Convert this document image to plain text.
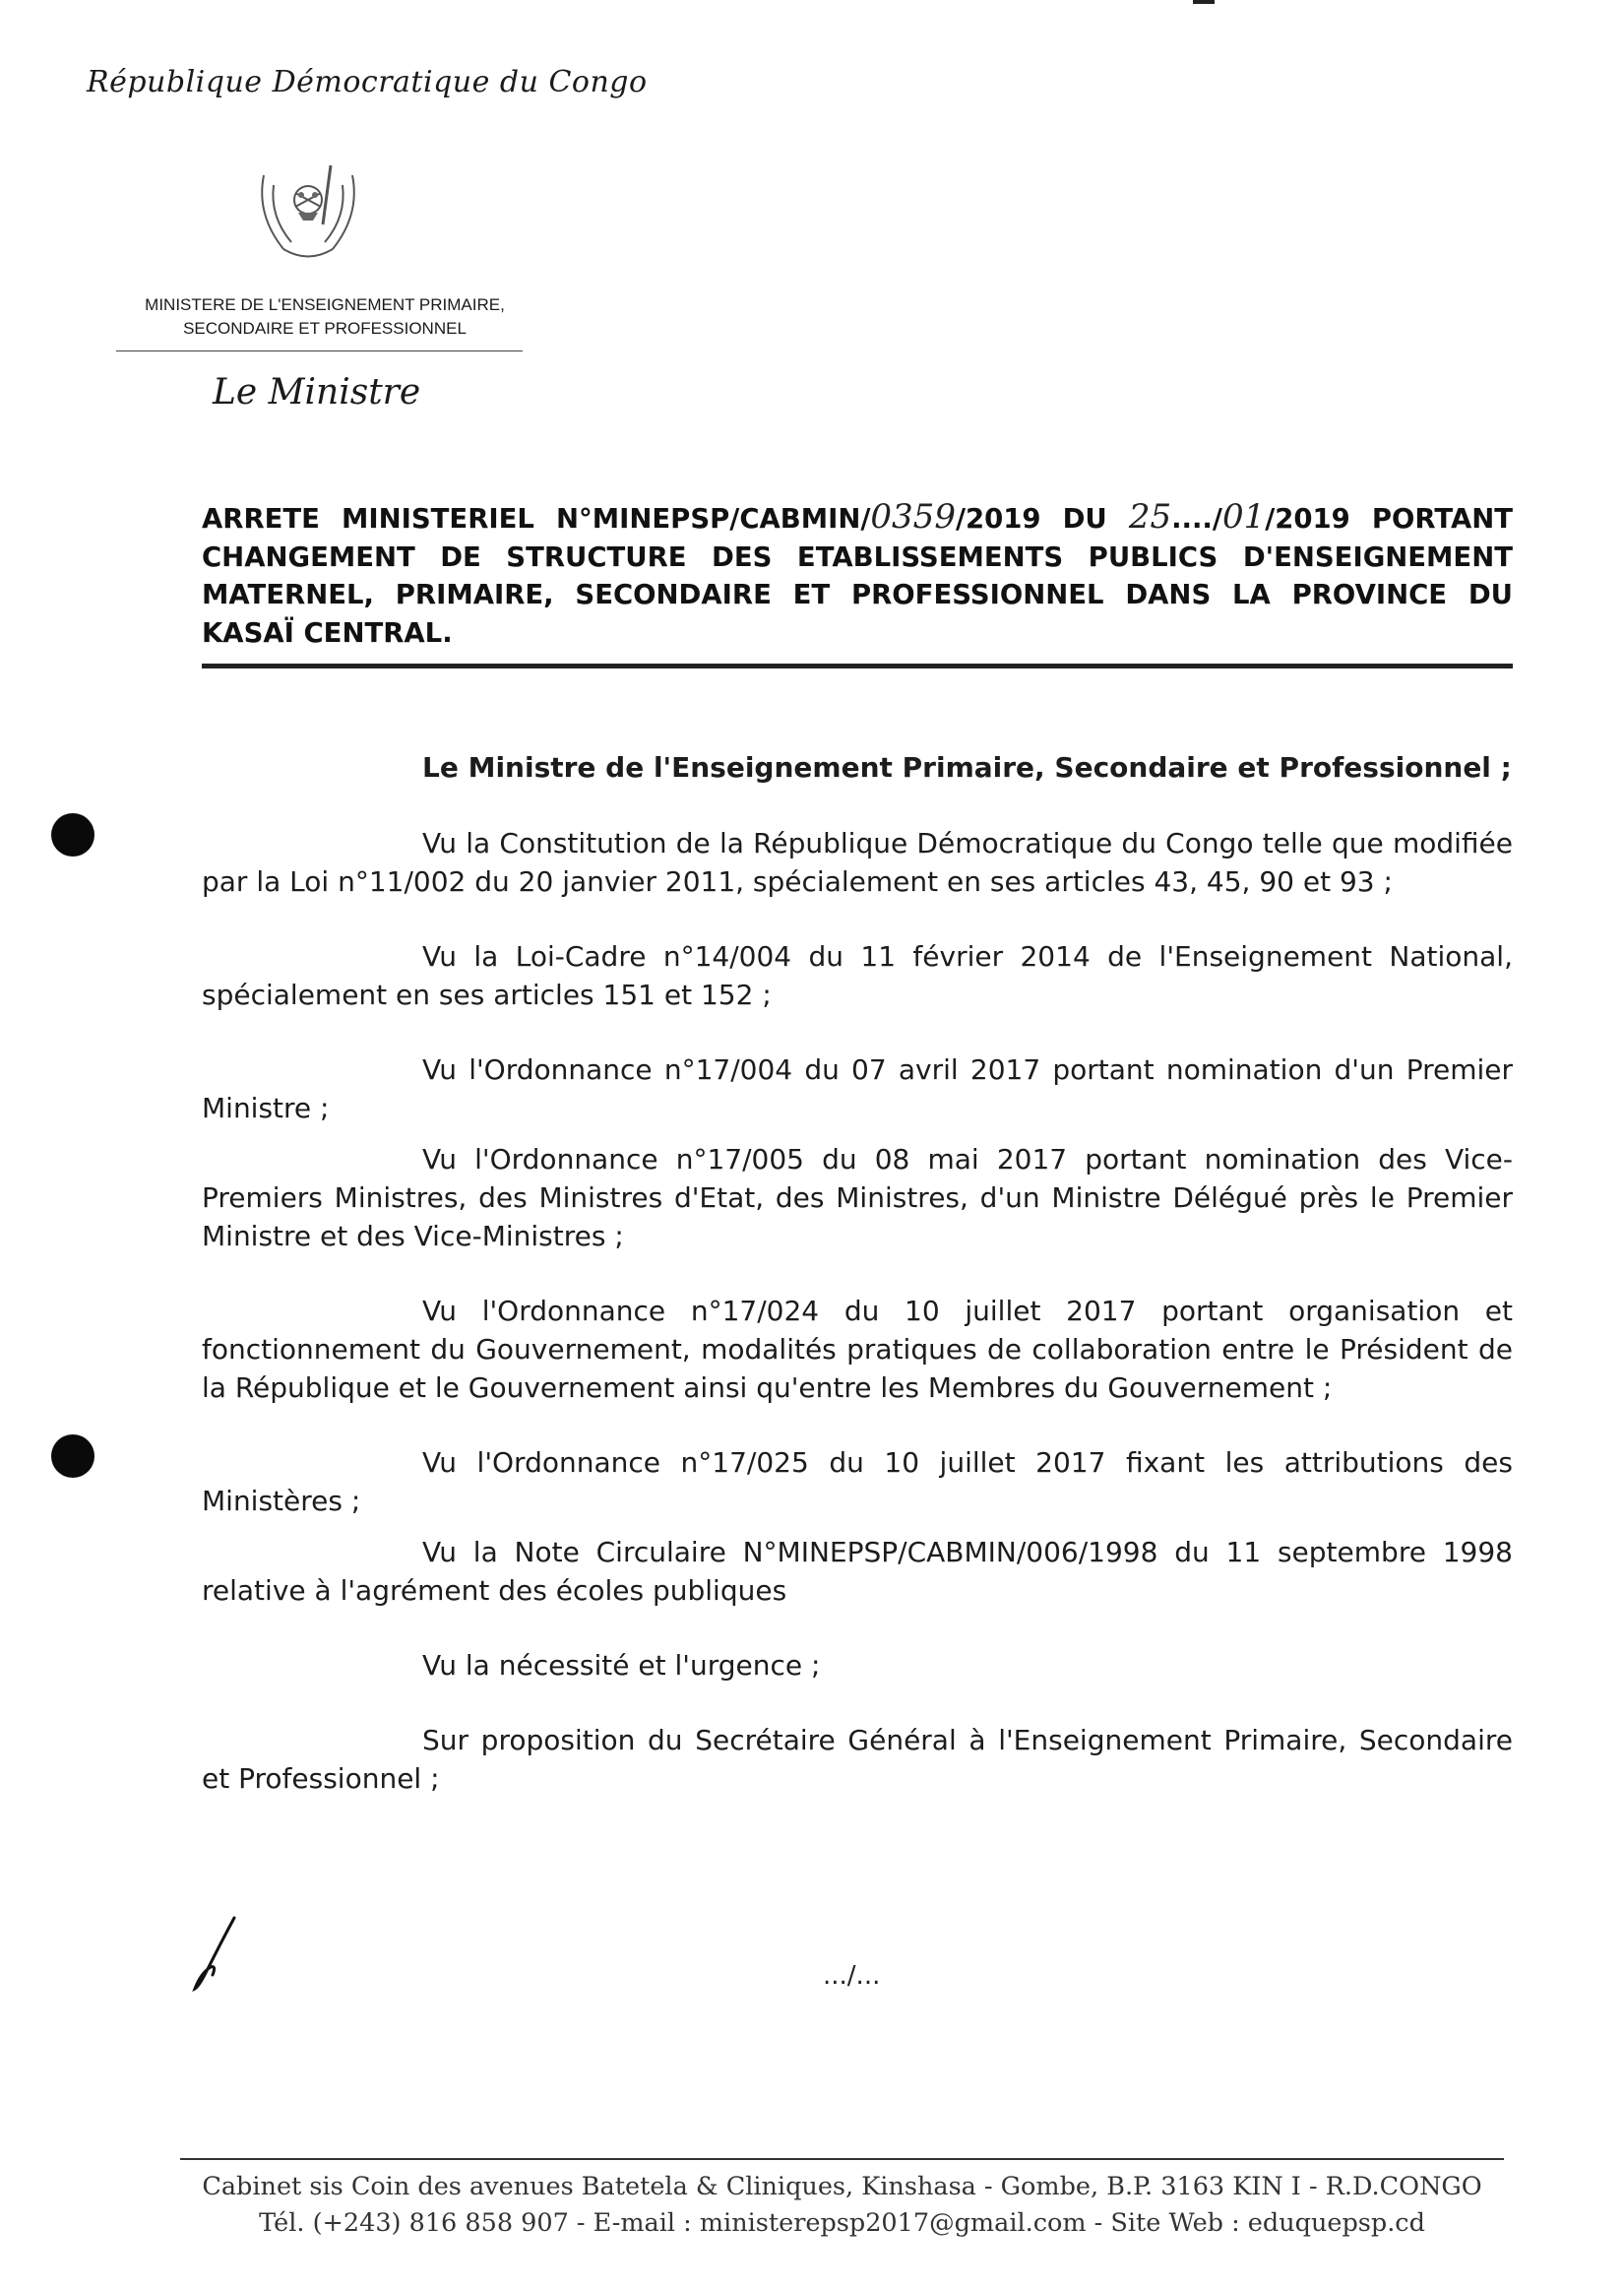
République Démocratique du Congo
MINISTERE DE L'ENSEIGNEMENT PRIMAIRE,
SECONDAIRE ET PROFESSIONNEL
Le Ministre
ARRETE MINISTERIEL N°MINEPSP/CABMIN/0359/2019 DU 25..../01/2019 PORTANT CHANGEMENT DE STRUCTURE DES ETABLISSEMENTS PUBLICS D'ENSEIGNEMENT MATERNEL, PRIMAIRE, SECONDAIRE ET PROFESSIONNEL DANS LA PROVINCE DU KASAÏ CENTRAL.

Le Ministre de l'Enseignement Primaire, Secondaire et Professionnel ;

Vu la Constitution de la République Démocratique du Congo telle que modifiée par la Loi n°11/002 du 20 janvier 2011, spécialement en ses articles 43, 45, 90 et 93 ;

Vu la Loi-Cadre n°14/004 du 11 février 2014 de l'Enseignement National, spécialement en ses articles 151 et 152 ;

Vu l'Ordonnance n°17/004 du 07 avril 2017 portant nomination d'un Premier Ministre ;

Vu l'Ordonnance n°17/005 du 08 mai 2017 portant nomination des Vice-Premiers Ministres, des Ministres d'Etat, des Ministres, d'un Ministre Délégué près le Premier Ministre et des Vice-Ministres ;

Vu l'Ordonnance n°17/024 du 10 juillet 2017 portant organisation et fonctionnement du Gouvernement, modalités pratiques de collaboration entre le Président de la République et le Gouvernement ainsi qu'entre les Membres du Gouvernement ;

Vu l'Ordonnance n°17/025 du 10 juillet 2017 fixant les attributions des Ministères ;

Vu la Note Circulaire N°MINEPSP/CABMIN/006/1998 du 11 septembre 1998 relative à l'agrément des écoles publiques

Vu la nécessité et l'urgence ;

Sur proposition du Secrétaire Général à l'Enseignement Primaire, Secondaire et Professionnel ;

.../...
Cabinet sis Coin des avenues Batetela & Cliniques, Kinshasa - Gombe, B.P. 3163 KIN I - R.D.CONGO
Tél. (+243) 816 858 907 - E-mail : ministerepsp2017@gmail.com - Site Web : eduquepsp.cd
